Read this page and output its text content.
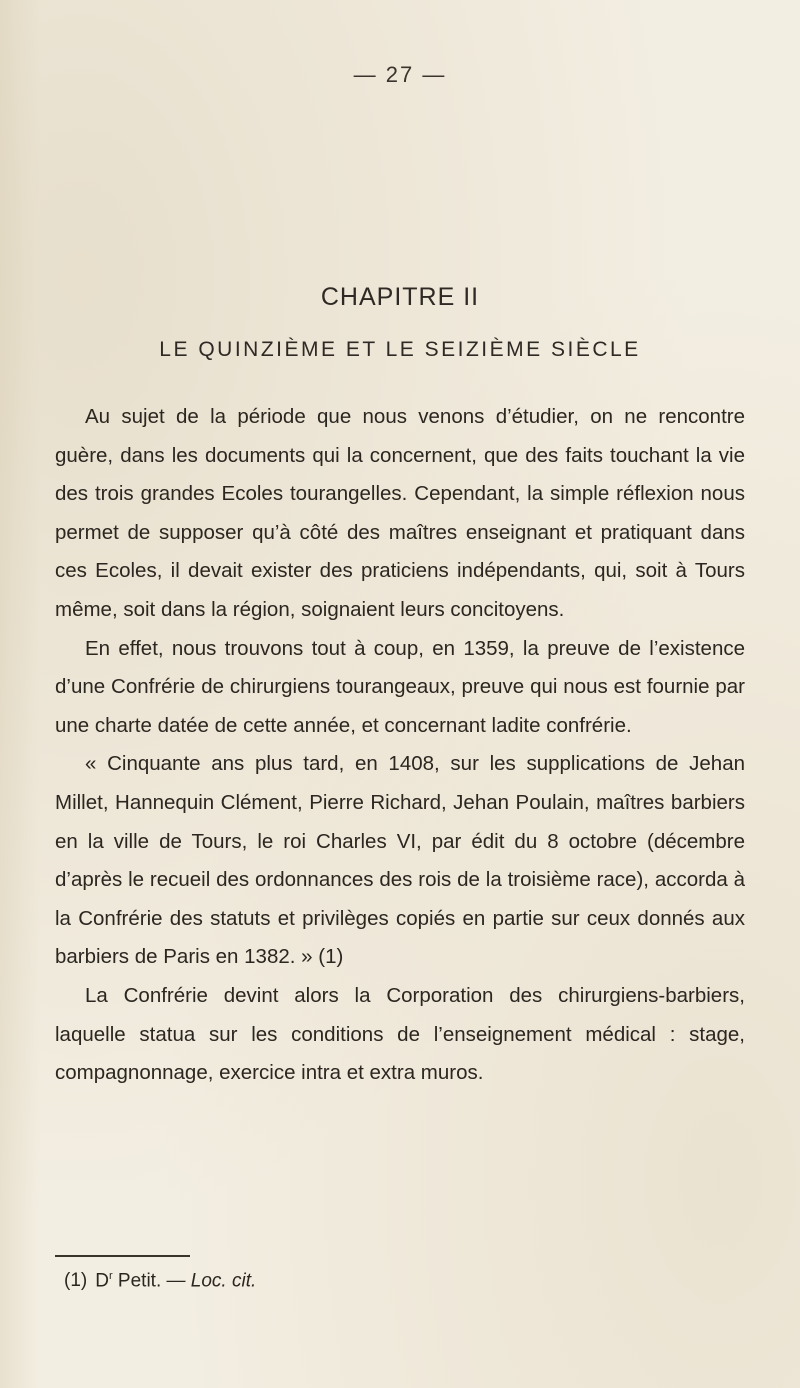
— 27 —
CHAPITRE II
LE QUINZIÈME ET LE SEIZIÈME SIÈCLE

Au sujet de la période que nous venons d’étudier, on ne rencontre guère, dans les documents qui la concernent, que des faits touchant la vie des trois grandes Ecoles tourangelles. Cependant, la simple réflexion nous permet de supposer qu’à côté des maîtres enseignant et pratiquant dans ces Ecoles, il devait exister des praticiens indépendants, qui, soit à Tours même, soit dans la région, soignaient leurs concitoyens.

En effet, nous trouvons tout à coup, en 1359, la preuve de l’existence d’une Confrérie de chirurgiens tourangeaux, preuve qui nous est fournie par une charte datée de cette année, et concernant ladite confrérie.

« Cinquante ans plus tard, en 1408, sur les supplications de Jehan Millet, Hannequin Clément, Pierre Richard, Jehan Poulain, maîtres barbiers en la ville de Tours, le roi Charles VI, par édit du 8 octobre (décembre d’après le recueil des ordonnances des rois de la troisième race), accorda à la Confrérie des statuts et privilèges copiés en partie sur ceux donnés aux barbiers de Paris en 1382. » (1)

La Confrérie devint alors la Corporation des chirurgiens-barbiers, laquelle statua sur les conditions de l’enseignement médical : stage, compagnonnage, exercice intra et extra muros.

(1) $D^r$ Petit. — Loc. cit.
